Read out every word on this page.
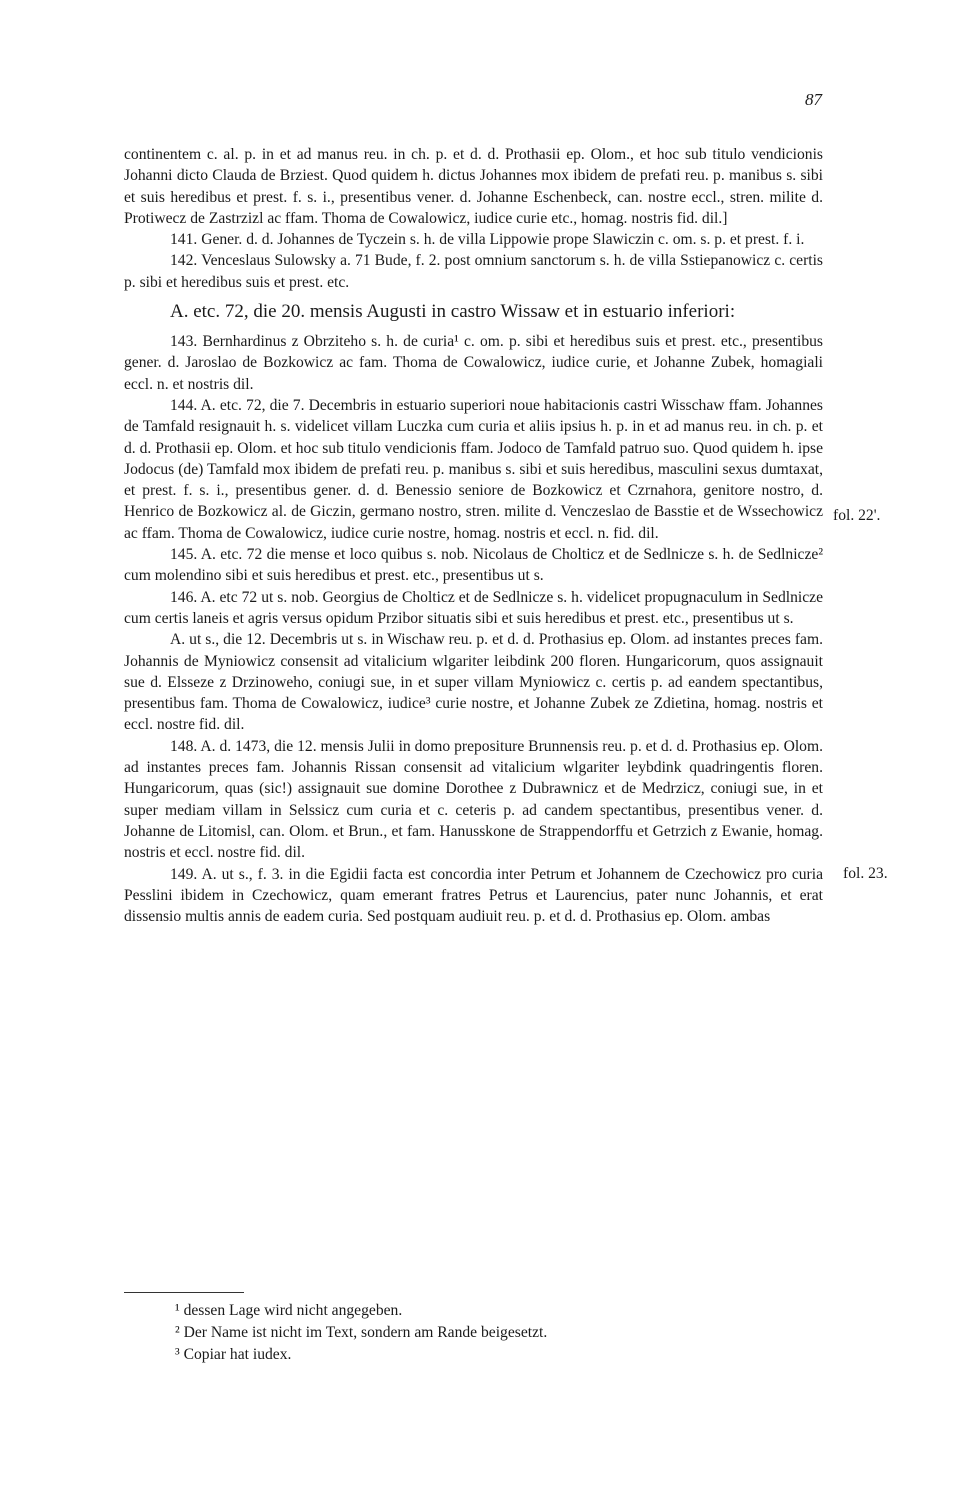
87

continentem c. al. p. in et ad manus reu. in ch. p. et d. d. Prothasii ep. Olom., et hoc sub titulo vendicionis Johanni dicto Clauda de Brziest. Quod quidem h. dictus Johannes mox ibidem de prefati reu. p. manibus s. sibi et suis heredibus et prest. f. s. i., presentibus vener. d. Johanne Eschenbeck, can. nostre eccl., stren. milite d. Protiwecz de Zastrzizl ac ffam. Thoma de Cowalowicz, iudice curie etc., homag. nostris fid. dil.]

141. Gener. d. d. Johannes de Tyczein s. h. de villa Lippowie prope Slawiczin c. om. s. p. et prest. f. i.

142. Venceslaus Sulowsky a. 71 Bude, f. 2. post omnium sanctorum s. h. de villa Sstiepanowicz c. certis p. sibi et heredibus suis et prest. etc.

A. etc. 72, die 20. mensis Augusti in castro Wissaw et in estuario inferiori:

143. Bernhardinus z Obrziteho s. h. de curia¹ c. om. p. sibi et heredibus suis et prest. etc., presentibus gener. d. Jaroslao de Bozkowicz ac fam. Thoma de Cowalowicz, iudice curie, et Johanne Zubek, homagiali eccl. n. et nostris dil.

144. A. etc. 72, die 7. Decembris in estuario superiori noue habitacionis castri Wisschaw ffam. Johannes de Tamfald resignauit h. s. videlicet villam Luczka cum curia et aliis ipsius h. p. in et ad manus reu. in ch. p. et d. d. Prothasii ep. Olom. et hoc sub titulo vendicionis ffam. Jodoco de Tamfald patruo suo. Quod quidem h. ipse Jodocus (de) Tamfald mox ibidem de prefati reu. p. manibus s. sibi et suis heredibus, masculini sexus dumtaxat, et prest. f. s. i., presentibus gener. d. d. Benessio seniore de Bozkowicz et Czrnahora, genitore nostro, d. Henrico de Bozkowicz al. de Giczin, germano nostro, stren. milite d. Venczeslao de Basstie et de Wssechowicz ac ffam. Thoma de Cowalowicz, iudice curie nostre, homag. nostris et eccl. n. fid. dil.

145. A. etc. 72 die mense et loco quibus s. nob. Nicolaus de Cholticz et de Sedlnicze s. h. de Sedlnicze² cum molendino sibi et suis heredibus et prest. etc., presentibus ut s.

146. A. etc 72 ut s. nob. Georgius de Cholticz et de Sedlnicze s. h. videlicet propugnaculum in Sedlnicze cum certis laneis et agris versus opidum Przibor situatis sibi et suis heredibus et prest. etc., presentibus ut s.

A. ut s., die 12. Decembris ut s. in Wischaw reu. p. et d. d. Prothasius ep. Olom. ad instantes preces fam. Johannis de Myniowicz consensit ad vitalicium wlgariter leibdink 200 floren. Hungaricorum, quos assignauit sue d. Elsseze z Drzinoweho, coniugi sue, in et super villam Myniowicz c. certis p. ad eandem spectantibus, presentibus fam. Thoma de Cowalowicz, iudice³ curie nostre, et Johanne Zubek ze Zdietina, homag. nostris et eccl. nostre fid. dil.

148. A. d. 1473, die 12. mensis Julii in domo prepositure Brunnensis reu. p. et d. d. Prothasius ep. Olom. ad instantes preces fam. Johannis Rissan consensit ad vitalicium wlgariter leybdink quadringentis floren. Hungaricorum, quas (sic!) assignauit sue domine Dorothee z Dubrawnicz et de Medrzicz, coniugi sue, in et super mediam villam in Selssicz cum curia et c. ceteris p. ad candem spectantibus, presentibus vener. d. Johanne de Litomisl, can. Olom. et Brun., et fam. Hanusskone de Strappendorffu et Getrzich z Ewanie, homag. nostris et eccl. nostre fid. dil.

149. A. ut s., f. 3. in die Egidii facta est concordia inter Petrum et Johannem de Czechowicz pro curia Pesslini ibidem in Czechowicz, quam emerant fratres Petrus et Laurencius, pater nunc Johannis, et erat dissensio multis annis de eadem curia. Sed postquam audiuit reu. p. et d. d. Prothasius ep. Olom. ambas

fol. 22'.
fol. 23.
¹ dessen Lage wird nicht angegeben.
² Der Name ist nicht im Text, sondern am Rande beigesetzt.
³ Copiar hat iudex.
